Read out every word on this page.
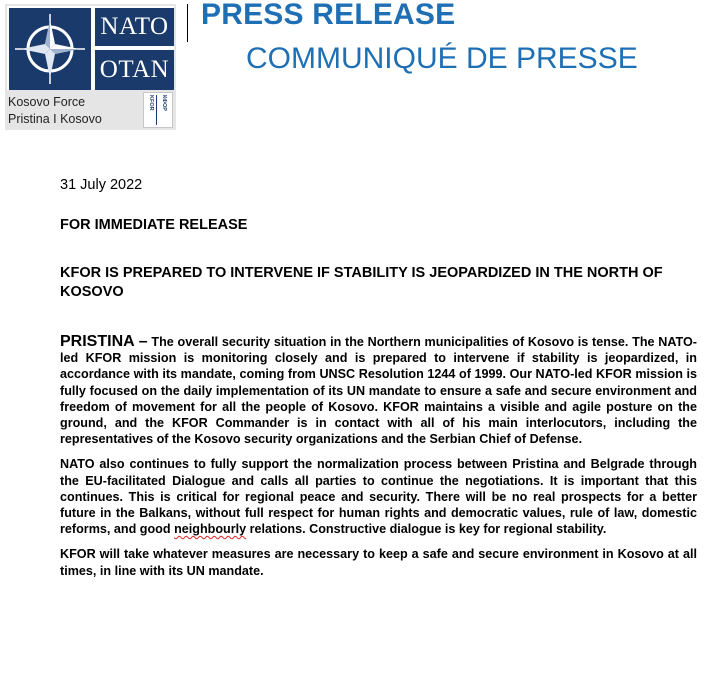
NATO
OTAN
Kosovo Force
Pristina I Kosovo
KFOR	КФОР
PRESS RELEASE
COMMUNIQUÉ DE PRESSE

31 July 2022

FOR IMMEDIATE RELEASE

KFOR IS PREPARED TO INTERVENE IF STABILITY IS JEOPARDIZED IN THE NORTH OF KOSOVO

PRISTINA – The overall security situation in the Northern municipalities of Kosovo is tense. The NATO-led KFOR mission is monitoring closely and is prepared to intervene if stability is jeopardized, in accordance with its mandate, coming from UNSC Resolution 1244 of 1999. Our NATO-led KFOR mission is fully focused on the daily implementation of its UN mandate to ensure a safe and secure environment and freedom of movement for all the people of Kosovo. KFOR maintains a visible and agile posture on the ground, and the KFOR Commander is in contact with all of his main interlocutors, including the representatives of the Kosovo security organizations and the Serbian Chief of Defense.

NATO also continues to fully support the normalization process between Pristina and Belgrade through the EU-facilitated Dialogue and calls all parties to continue the negotiations. It is important that this continues. This is critical for regional peace and security. There will be no real prospects for a better future in the Balkans, without full respect for human rights and democratic values, rule of law, domestic reforms, and good neighbourly relations. Constructive dialogue is key for regional stability.

KFOR will take whatever measures are necessary to keep a safe and secure environment in Kosovo at all times, in line with its UN mandate.
